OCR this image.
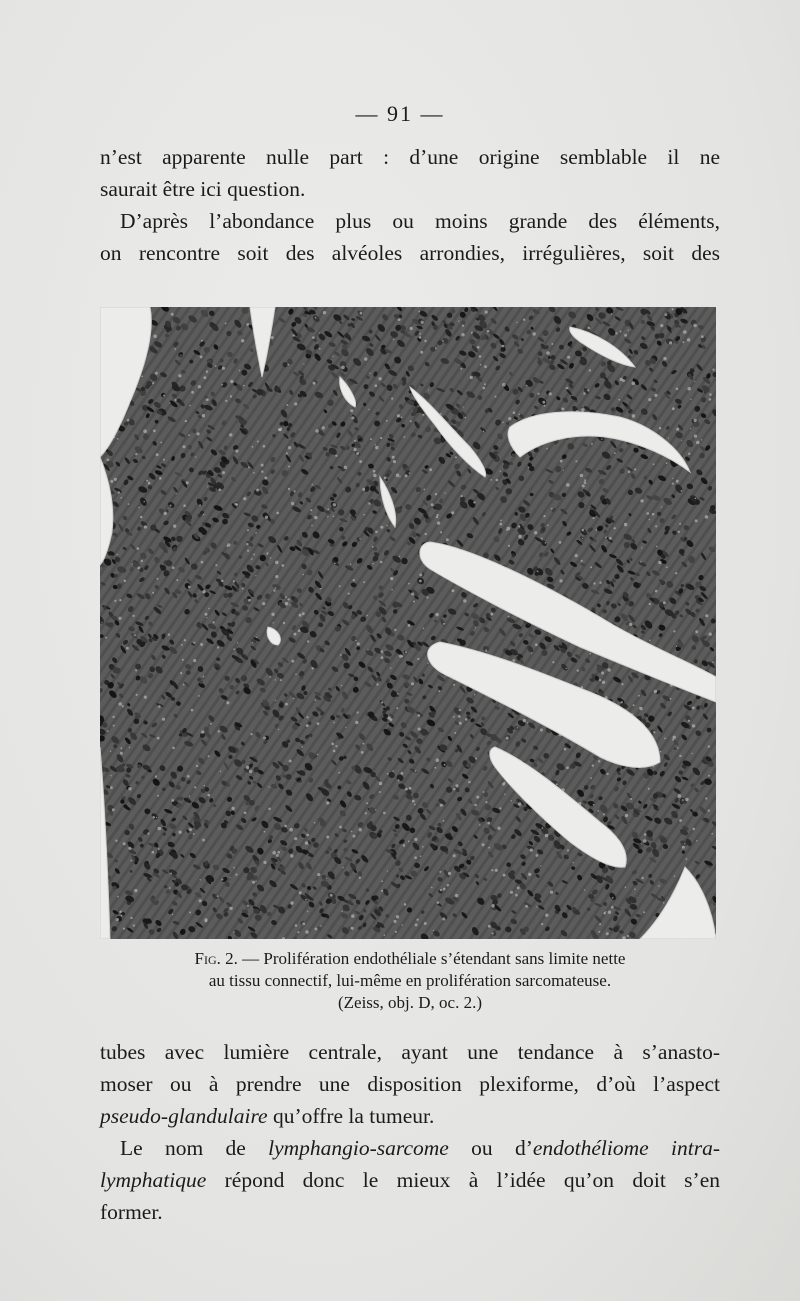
— 91 —

n’est apparente nulle part : d’une origine semblable il ne
saurait être ici question.

D’après l’abondance plus ou moins grande des éléments,
on rencontre soit des alvéoles arrondies, irrégulières, soit des

Fig. 2. — Prolifération endothéliale s’étendant sans limite nette
au tissu connectif, lui-même en prolifération sarcomateuse.
(Zeiss, obj. D, oc. 2.)

tubes avec lumière centrale, ayant une tendance à s’anasto-
moser ou à prendre une disposition plexiforme, d’où l’aspect
pseudo-glandulaire qu’offre la tumeur.

Le nom de lymphangio-sarcome ou d’endothéliome intra-
lymphatique répond donc le mieux à l’idée qu’on doit s’en
former.
